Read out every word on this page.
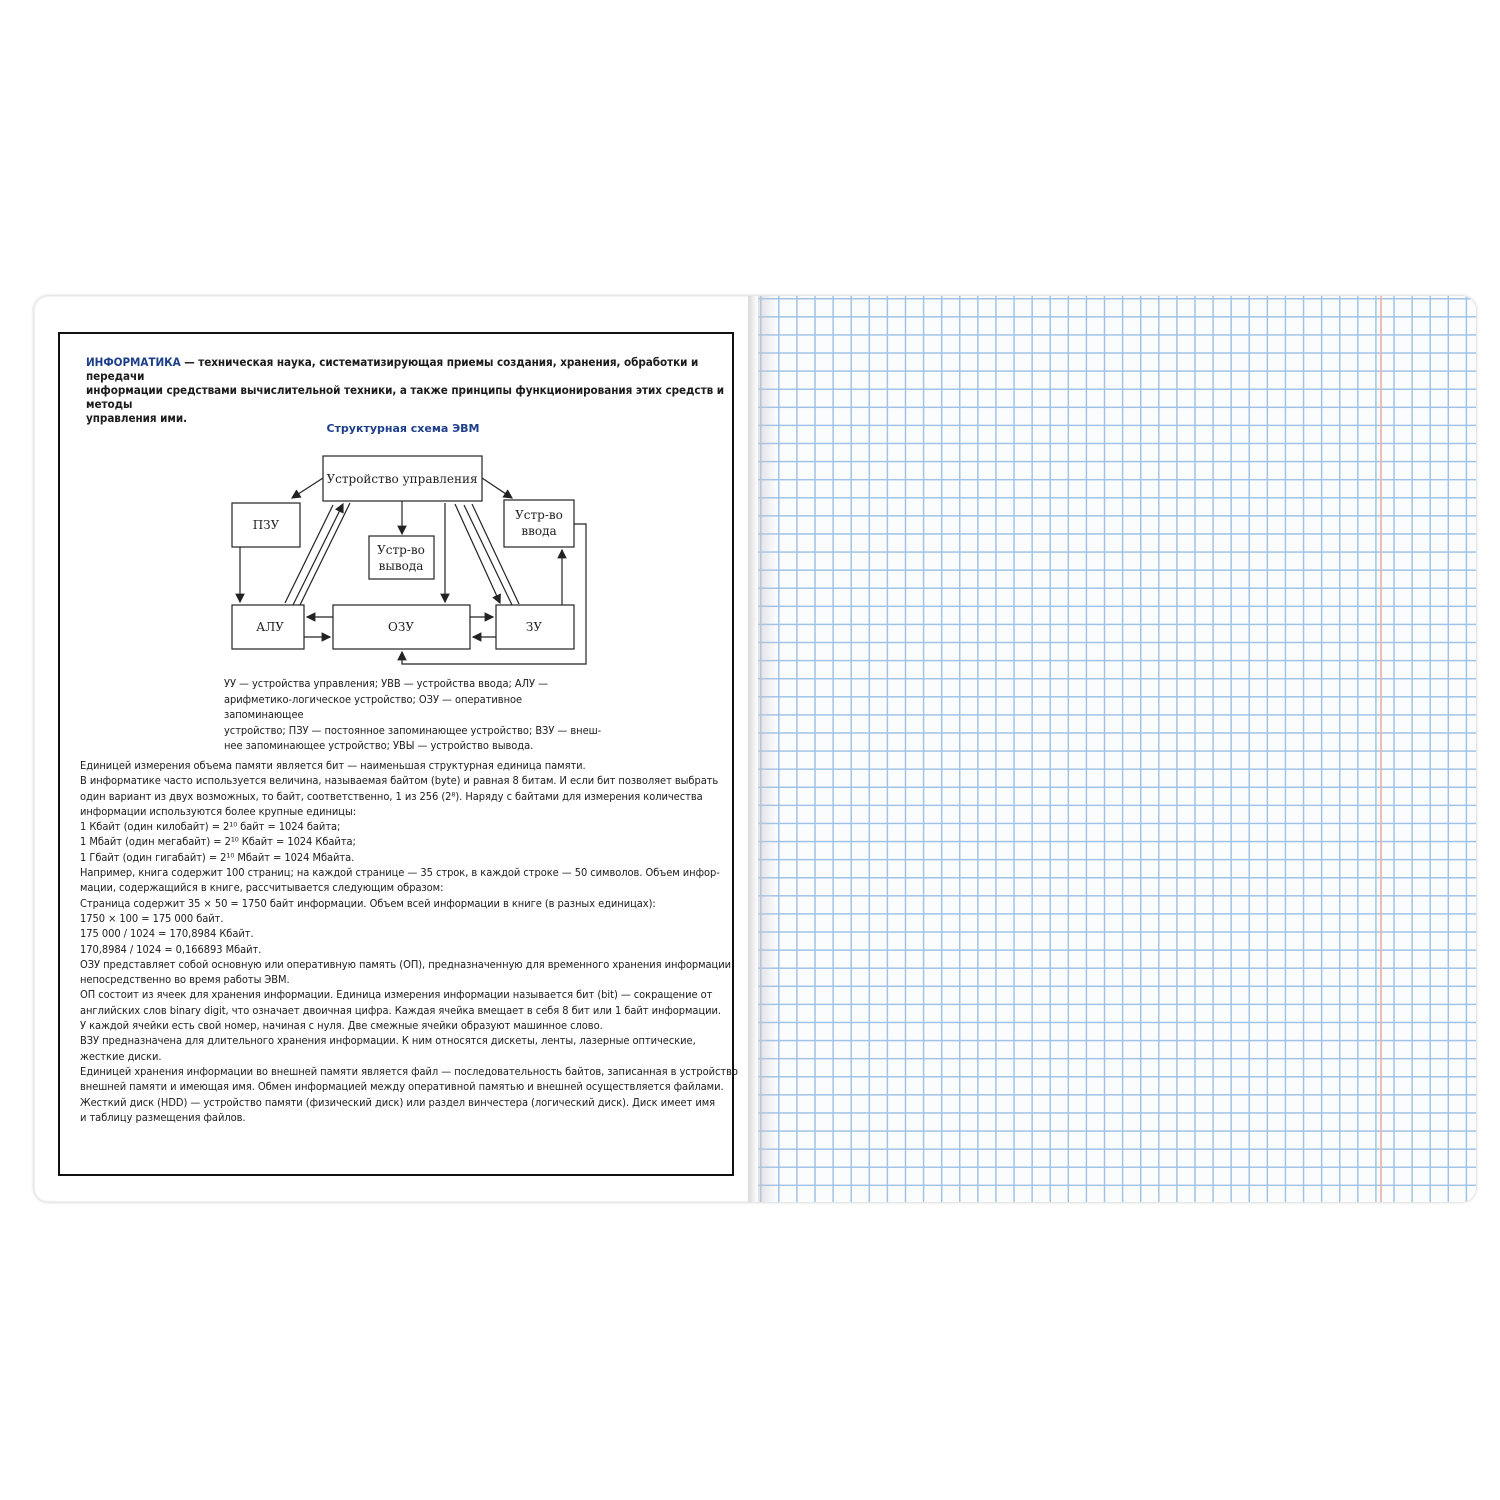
ИНФОРМАТИКА — техническая наука, систематизирующая приемы создания, хранения, обработки и передачи

информации средствами вычислительной техники, а также принципы функционирования этих средств и методы

управления ими.

Структурная схема ЭВМ
Устройство управления
ПЗУ
Устр-во
ввода
Устр-во
вывода
АЛУ	ОЗУ	ЗУ

УУ — устройства управления; УВВ — устройства ввода; АЛУ —

арифметико-логическое устройство; ОЗУ — оперативное запоминающее

устройство; ПЗУ — постоянное запоминающее устройство; ВЗУ — внеш-

нее запоминающее устройство; УВЫ — устройство вывода.

Единицей измерения объема памяти является бит — наименьшая структурная единица памяти.

В информатике часто используется величина, называемая байтом (byte) и равная 8 битам. И если бит позволяет выбрать

один вариант из двух возможных, то байт, соответственно, 1 из 256 (2⁸). Наряду с байтами для измерения количества

информации используются более крупные единицы:

1 Кбайт (один килобайт) = 2¹⁰ байт = 1024 байта;

1 Мбайт (один мегабайт) = 2¹⁰ Кбайт = 1024 Кбайта;

1 Гбайт (один гигабайт) = 2¹⁰ Мбайт = 1024 Мбайта.

Например, книга содержит 100 страниц; на каждой странице — 35 строк, в каждой строке — 50 символов. Объем инфор-

мации, содержащийся в книге, рассчитывается следующим образом:

Страница содержит 35 × 50 = 1750 байт информации. Объем всей информации в книге (в разных единицах):

1750 × 100 = 175 000 байт.

175 000 / 1024 = 170,8984 Кбайт.

170,8984 / 1024 = 0,166893 Мбайт.

ОЗУ представляет собой основную или оперативную память (ОП), предназначенную для временного хранения информации

непосредственно во время работы ЭВМ.

ОП состоит из ячеек для хранения информации. Единица измерения информации называется бит (bit) — сокращение от

английских слов binary digit, что означает двоичная цифра. Каждая ячейка вмещает в себя 8 бит или 1 байт информации.

У каждой ячейки есть свой номер, начиная с нуля. Две смежные ячейки образуют машинное слово.

ВЗУ предназначена для длительного хранения информации. К ним относятся дискеты, ленты, лазерные оптические,

жесткие диски.

Единицей хранения информации во внешней памяти является файл — последовательность байтов, записанная в устройство

внешней памяти и имеющая имя. Обмен информацией между оперативной памятью и внешней осуществляется файлами.

Жесткий диск (HDD) — устройство памяти (физический диск) или раздел винчестера (логический диск). Диск имеет имя

и таблицу размещения файлов.
